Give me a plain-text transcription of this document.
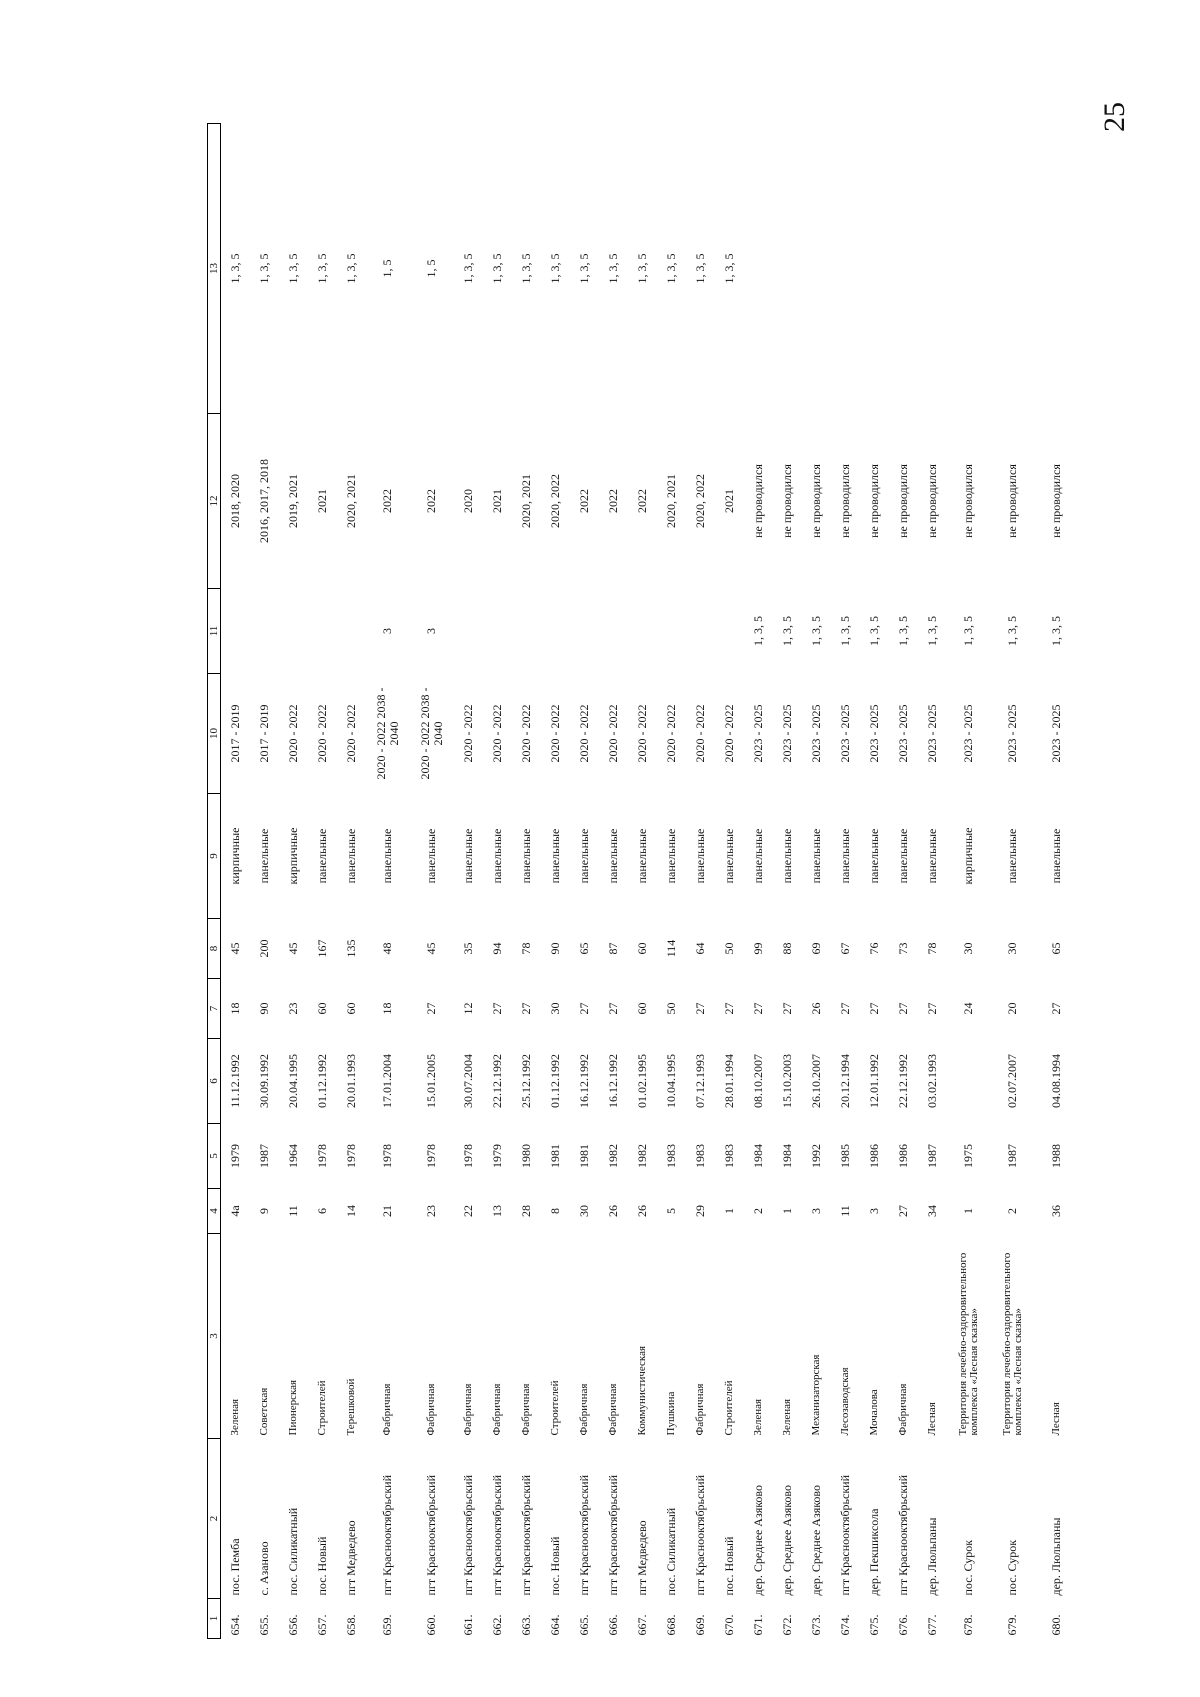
25
1	2	3	4	5	6	7	8	9	10	11	12	13
654.	пос. Пемба	Зеленая	4а	1979	11.12.1992	18	45	кирпичные	2017 - 2019		2018, 2020	1, 3, 5
655.	с. Азаново	Советская	9	1987	30.09.1992	90	200	панельные	2017 - 2019		2016, 2017, 2018	1, 3, 5
656.	пос. Силикатный	Пионерская	11	1964	20.04.1995	23	45	кирпичные	2020 - 2022		2019, 2021	1, 3, 5
657.	пос. Новый	Строителей	6	1978	01.12.1992	60	167	панельные	2020 - 2022		2021	1, 3, 5
658.	пгт Медведево	Терешковой	14	1978	20.01.1993	60	135	панельные	2020 - 2022		2020, 2021	1, 3, 5
659.	пгт Краснооктябрьский	Фабричная	21	1978	17.01.2004	18	48	панельные	2020 - 2022 2038 - 2040	3	2022	1, 5
660.	пгт Краснооктябрьский	Фабричная	23	1978	15.01.2005	27	45	панельные	2020 - 2022 2038 - 2040	3	2022	1, 5
661.	пгт Краснооктябрьский	Фабричная	22	1978	30.07.2004	12	35	панельные	2020 - 2022		2020	1, 3, 5
662.	пгт Краснооктябрьский	Фабричная	13	1979	22.12.1992	27	94	панельные	2020 - 2022		2021	1, 3, 5
663.	пгт Краснооктябрьский	Фабричная	28	1980	25.12.1992	27	78	панельные	2020 - 2022		2020, 2021	1, 3, 5
664.	пос. Новый	Строителей	8	1981	01.12.1992	30	90	панельные	2020 - 2022		2020, 2022	1, 3, 5
665.	пгт Краснооктябрьский	Фабричная	30	1981	16.12.1992	27	65	панельные	2020 - 2022		2022	1, 3, 5
666.	пгт Краснооктябрьский	Фабричная	26	1982	16.12.1992	27	87	панельные	2020 - 2022		2022	1, 3, 5
667.	пгт Медведево	Коммунистическая	26	1982	01.02.1995	60	60	панельные	2020 - 2022		2022	1, 3, 5
668.	пос. Силикатный	Пушкина	5	1983	10.04.1995	50	114	панельные	2020 - 2022		2020, 2021	1, 3, 5
669.	пгт Краснооктябрьский	Фабричная	29	1983	07.12.1993	27	64	панельные	2020 - 2022		2020, 2022	1, 3, 5
670.	пос. Новый	Строителей	1	1983	28.01.1994	27	50	панельные	2020 - 2022		2021	1, 3, 5
671.	дер. Среднее Азяково	Зеленая	2	1984	08.10.2007	27	99	панельные	2023 - 2025	1, 3, 5	не проводился	
672.	дер. Среднее Азяково	Зеленая	1	1984	15.10.2003	27	88	панельные	2023 - 2025	1, 3, 5	не проводился	
673.	дер. Среднее Азяково	Механизаторская	3	1992	26.10.2007	26	69	панельные	2023 - 2025	1, 3, 5	не проводился	
674.	пгт Краснооктябрьский	Лесозаводская	11	1985	20.12.1994	27	67	панельные	2023 - 2025	1, 3, 5	не проводился	
675.	дер. Пекшиксола	Мочалова	3	1986	12.01.1992	27	76	панельные	2023 - 2025	1, 3, 5	не проводился	
676.	пгт Краснооктябрьский	Фабричная	27	1986	22.12.1992	27	73	панельные	2023 - 2025	1, 3, 5	не проводился	
677.	дер. Люльпаны	Лесная	34	1987	03.02.1993	27	78	панельные	2023 - 2025	1, 3, 5	не проводился	
678.	пос. Сурок	Территория лечебно-оздоровительного комплекса «Лесная сказка»	1	1975		24	30	кирпичные	2023 - 2025	1, 3, 5	не проводился	
679.	пос. Сурок	Территория лечебно-оздоровительного комплекса «Лесная сказка»	2	1987	02.07.2007	20	30	панельные	2023 - 2025	1, 3, 5	не проводился	
680.	дер. Люльпаны	Лесная	36	1988	04.08.1994	27	65	панельные	2023 - 2025	1, 3, 5	не проводился	
